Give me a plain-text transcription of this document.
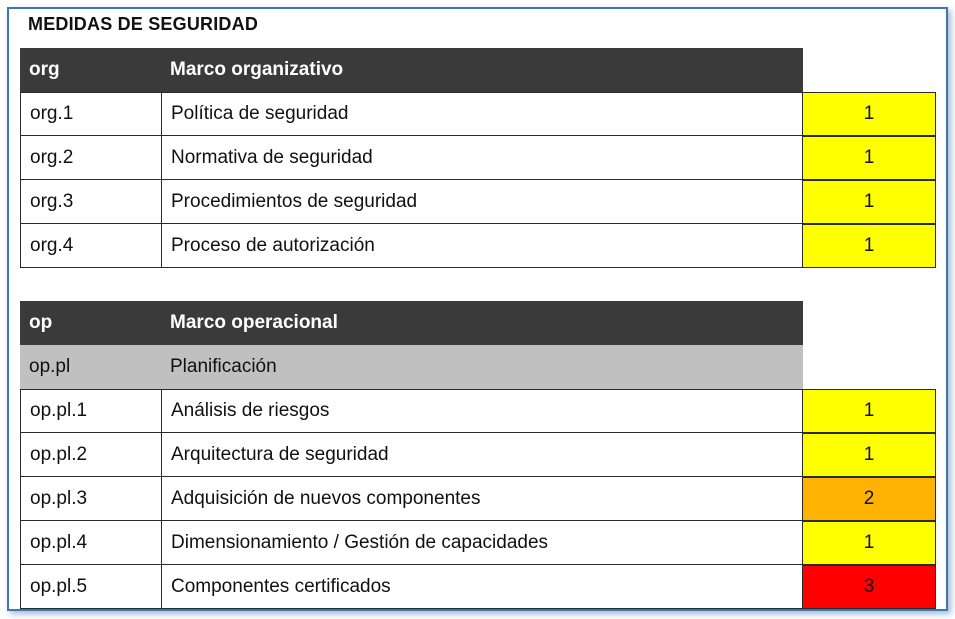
MEDIDAS DE SEGURIDAD
org	Marco organizativo
org.1	Política de seguridad	1
org.2	Normativa de seguridad	1
org.3	Procedimientos de seguridad	1
org.4	Proceso de autorización	1
op	Marco operacional
op.pl	Planificación
op.pl.1	Análisis de riesgos	1
op.pl.2	Arquitectura de seguridad	1
op.pl.3	Adquisición de nuevos componentes	2
op.pl.4	Dimensionamiento / Gestión de capacidades	1
op.pl.5	Componentes certificados	3
